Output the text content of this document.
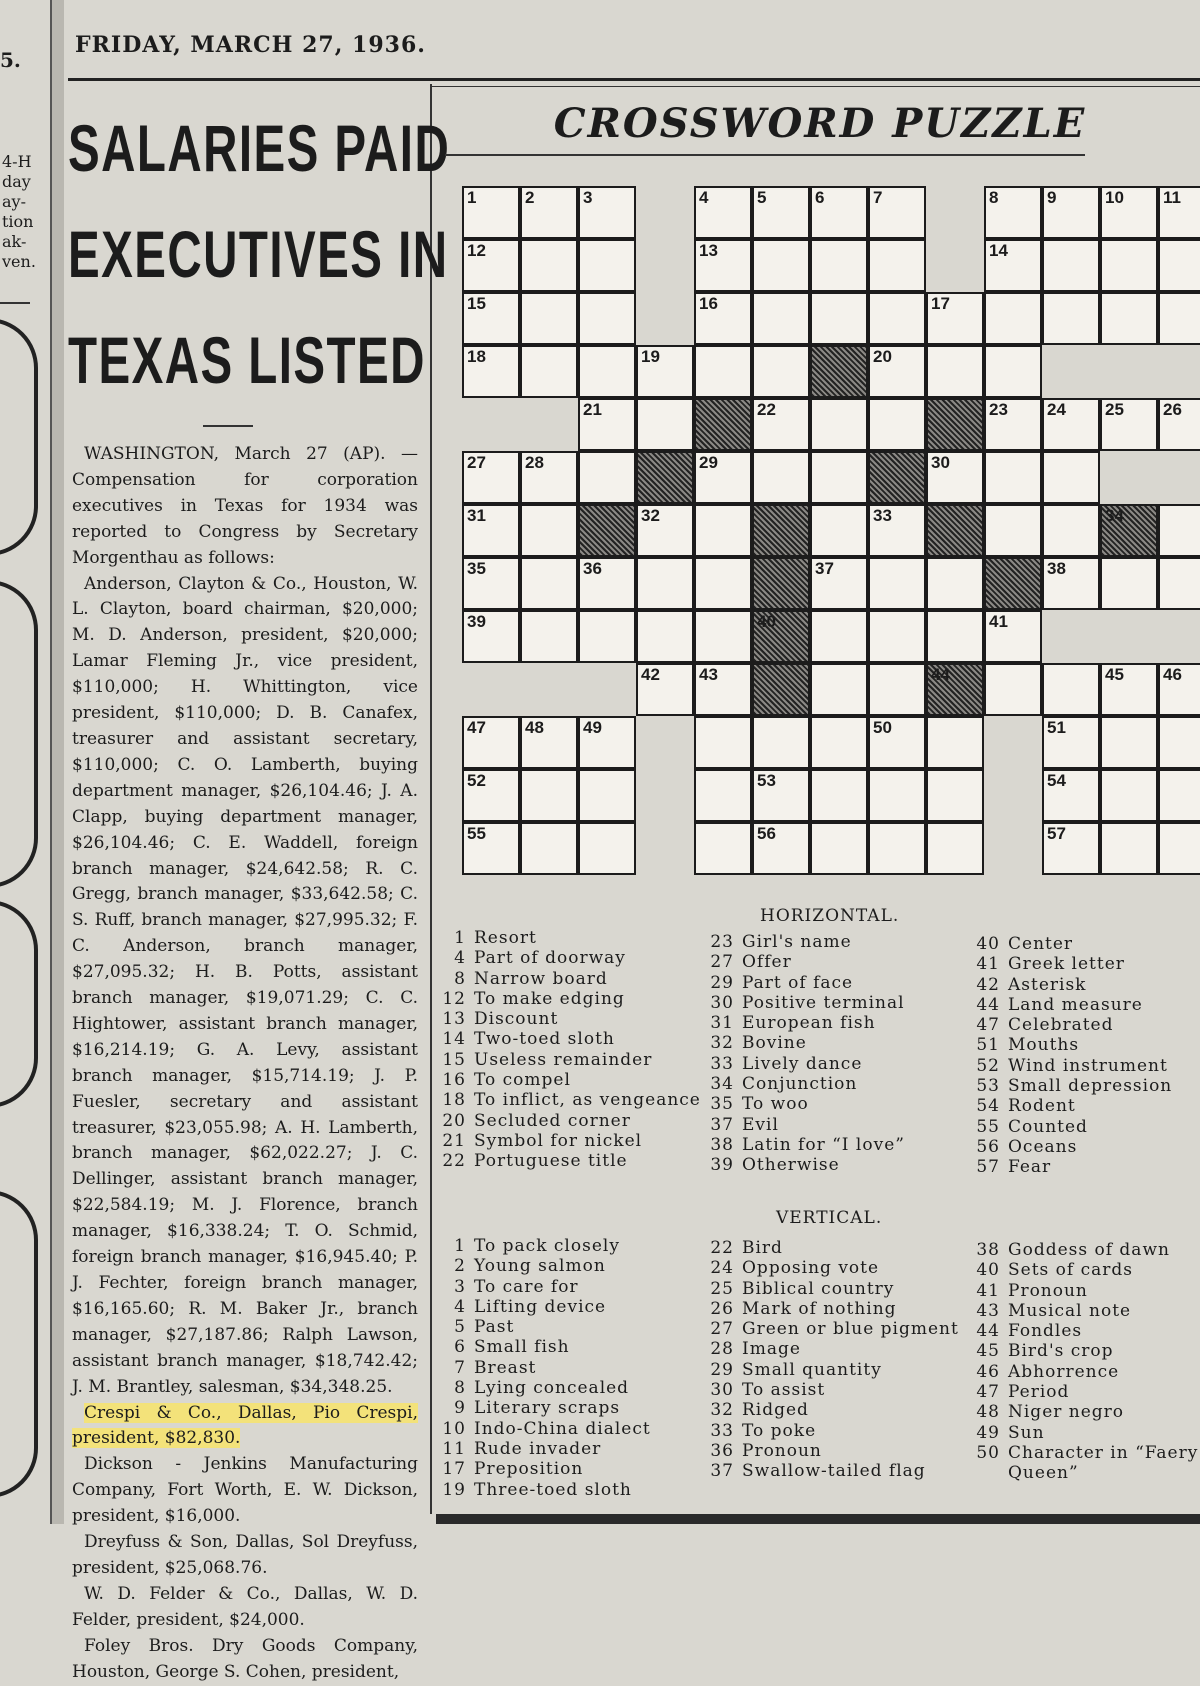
5.
4-H
day
ay-
tion
ak-
ven.
FRIDAY, MARCH 27, 1936.
SALARIES PAID
EXECUTIVES IN
TEXAS LISTED

WASHINGTON, March 27 (AP). — Compensation for corporation executives in Texas for 1934 was reported to Congress by Secretary Morgenthau as follows:

Anderson, Clayton & Co., Houston, W. L. Clayton, board chairman, $20,000; M. D. Anderson, president, $20,000; Lamar Fleming Jr., vice president, $110,000; H. Whittington, vice president, $110,000; D. B. Canafex, treasurer and assistant secretary, $110,000; C. O. Lamberth, buying department manager, $26,104.46; J. A. Clapp, buying department manager, $26,104.46; C. E. Waddell, foreign branch manager, $24,642.58; R. C. Gregg, branch manager, $33,642.58; C. S. Ruff, branch manager, $27,995.32; F. C. Anderson, branch manager, $27,095.32; H. B. Potts, assistant branch manager, $19,071.29; C. C. Hightower, assistant branch manager, $16,214.19; G. A. Levy, assistant branch manager, $15,714.19; J. P. Fuesler, secretary and assistant treasurer, $23,055.98; A. H. Lamberth, branch manager, $62,022.27; J. C. Dellinger, assistant branch manager, $22,584.19; M. J. Florence, branch manager, $16,338.24; T. O. Schmid, foreign branch manager, $16,945.40; P. J. Fechter, foreign branch manager, $16,165.60; R. M. Baker Jr., branch manager, $27,187.86; Ralph Lawson, assistant branch manager, $18,742.42; J. M. Brantley, salesman, $34,348.25.

Crespi & Co., Dallas, Pio Crespi, president, $82,830.

Dickson - Jenkins Manufacturing Company, Fort Worth, E. W. Dickson, president, $16,000.

Dreyfuss & Son, Dallas, Sol Dreyfuss, president, $25,068.76.

W. D. Felder & Co., Dallas, W. D. Felder, president, $24,000.

Foley Bros. Dry Goods Company, Houston, George S. Cohen, president,

CROSSWORD PUZZLE
1	2	3	4	5	6	7	8	9	10 11
12	13	14
15	16	17
18	19	20
21	22	23 24 25 26
27 28	29	30
31	32	33	34
35	36	37	38
39	40	41
42 43	44	45 46
47 48 49	50	51
52	53	54
55	56	57
HORIZONTAL.
1 Resort
4 Part of doorway
8 Narrow board
12 To make edging
13 Discount
14 Two-toed sloth
15 Useless remainder
16 To compel
18 To inflict, as vengeance
20 Secluded corner
21 Symbol for nickel
22 Portuguese title
23 Girl's name
27 Offer
29 Part of face
30 Positive terminal
31 European fish
32 Bovine
33 Lively dance
34 Conjunction
35 To woo
37 Evil
38 Latin for “I love”
39 Otherwise
40 Center
41 Greek letter
42 Asterisk
44 Land measure
47 Celebrated
51 Mouths
52 Wind instrument
53 Small depression
54 Rodent
55 Counted
56 Oceans
57 Fear
VERTICAL.
1 To pack closely
2 Young salmon
3 To care for
4 Lifting device
5 Past
6 Small fish
7 Breast
8 Lying concealed
9 Literary scraps
10 Indo-China dialect
11 Rude invader
17 Preposition
19 Three-toed sloth
22 Bird
24 Opposing vote
25 Biblical country
26 Mark of nothing
27 Green or blue pigment
28 Image
29 Small quantity
30 To assist
32 Ridged
33 To poke
36 Pronoun
37 Swallow-tailed flag
38 Goddess of dawn
40 Sets of cards
41 Pronoun
43 Musical note
44 Fondles
45 Bird's crop
46 Abhorrence
47 Period
48 Niger negro
49 Sun
50 Character in “Faery Queen”
